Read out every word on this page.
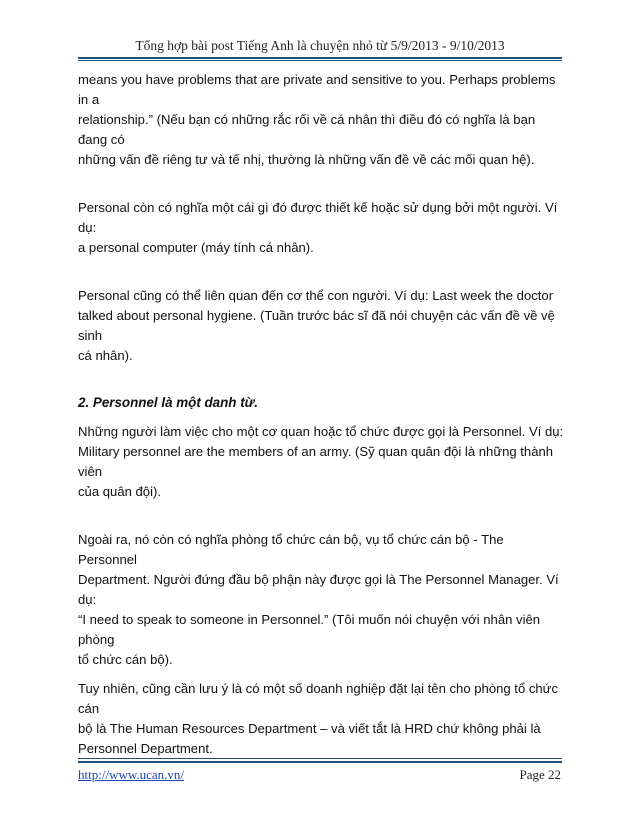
Tổng hợp bài post Tiếng Anh là chuyện nhỏ từ 5/9/2013 - 9/10/2013

means you have problems that are private and sensitive to you. Perhaps problems in a
relationship.” (Nếu bạn có những rắc rối về cá nhân thì điều đó có nghĩa là bạn đang có
những vấn đề riêng tư và tế nhị, thường là những vấn đề về các mối quan hệ).

Personal còn có nghĩa một cái gì đó được thiết kế hoặc sử dụng bởi một người. Ví dụ:
a personal computer (máy tính cá nhân).

Personal cũng có thể liên quan đến cơ thể con người. Ví dụ: Last week the doctor
talked about personal hygiene. (Tuần trước bác sĩ đã nói chuyện các vấn đề về vệ sinh
cá nhân).

2. Personnel là một danh từ.

Những người làm việc cho một cơ quan hoặc tổ chức được gọi là Personnel. Ví dụ:
Military personnel are the members of an army. (Sỹ quan quân đội là những thành viên
của quân đội).

Ngoài ra, nó còn có nghĩa phòng tổ chức cán bộ, vụ tổ chức cán bộ - The Personnel
Department. Người đứng đầu bộ phận này được gọi là The Personnel Manager. Ví dụ:
“I need to speak to someone in Personnel.” (Tôi muốn nói chuyện với nhân viên phòng
tổ chức cán bộ).

Tuy nhiên, cũng cần lưu ý là có một số doanh nghiệp đặt lại tên cho phòng tổ chức cán
bộ là The Human Resources Department – và viết tắt là HRD chứ không phải là
Personnel Department.

http://www.ucan.vn/	Page 22
